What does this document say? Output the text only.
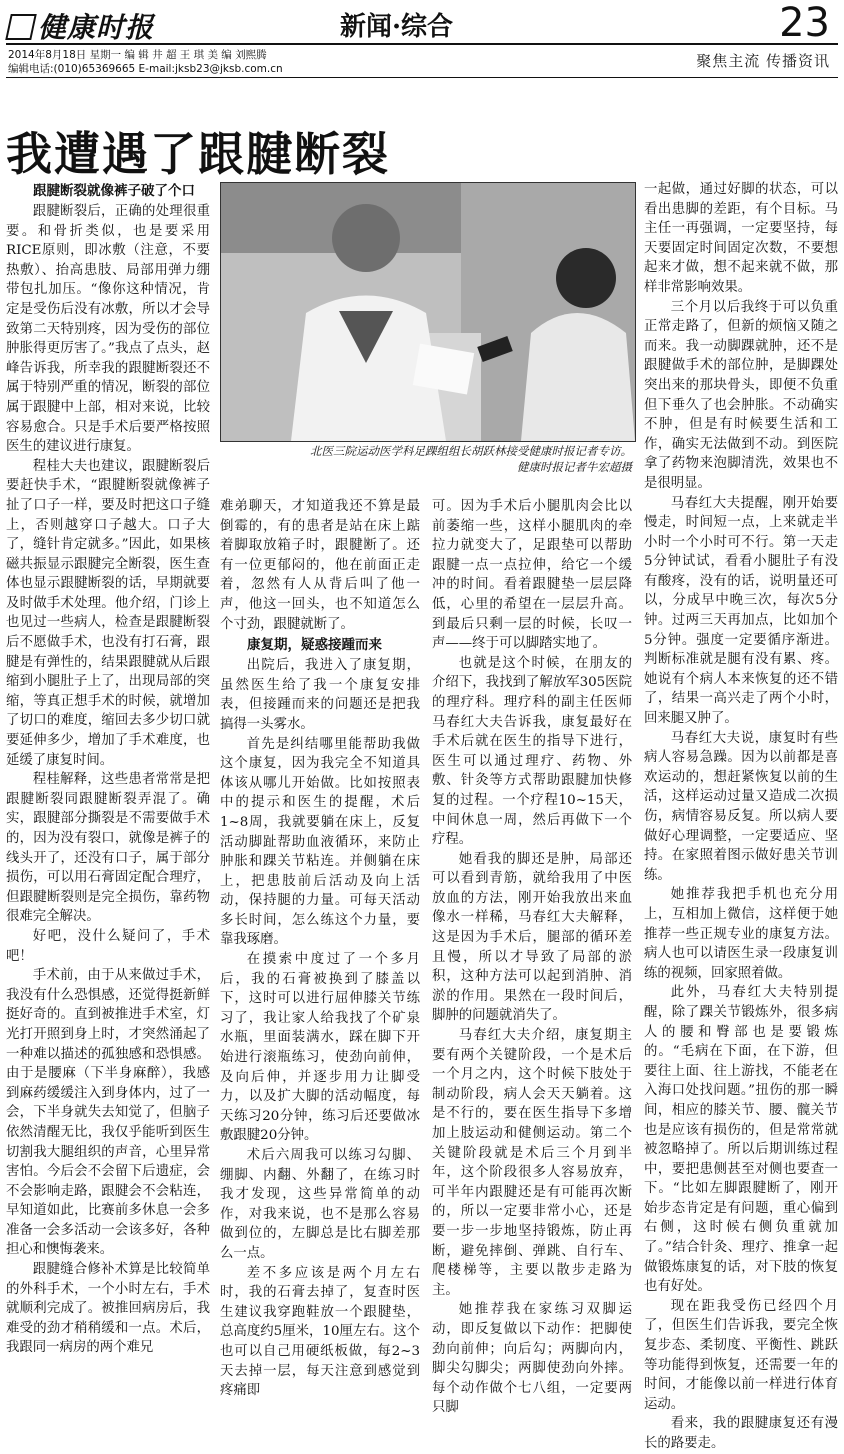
健康时报	新闻·综合	23
2014年8月18日 星期一 编 辑 井 超 王 琪 美 编 刘熙腾
编辑电话:(010)65369665 E-mail:jksb23@jksb.com.cn	聚焦主流 传播资讯
我遭遇了跟腱断裂
北医三院运动医学科足踝组组长胡跃林接受健康时报记者专访。
健康时报记者牛宏超摄

跟腱断裂就像裤子破了个口

跟腱断裂后，正确的处理很重要。和骨折类似，也是要采用RICE原则，即冰敷（注意，不要热敷）、抬高患肢、局部用弹力绷带包扎加压。“像你这种情况，肯定是受伤后没有冰敷，所以才会导致第二天特别疼，因为受伤的部位肿胀得更厉害了。”我点了点头，赵峰告诉我，所幸我的跟腱断裂还不属于特别严重的情况，断裂的部位属于跟腱中上部，相对来说，比较容易愈合。只是手术后要严格按照医生的建议进行康复。

程桂大夫也建议，跟腱断裂后要赶快手术，“跟腱断裂就像裤子扯了口子一样，要及时把这口子缝上，否则越穿口子越大。口子大了，缝针肯定就多。”因此，如果核磁共振显示跟腱完全断裂，医生查体也显示跟腱断裂的话，早期就要及时做手术处理。他介绍，门诊上也见过一些病人，检查是跟腱断裂后不愿做手术，也没有打石膏，跟腱是有弹性的，结果跟腱就从后跟缩到小腿肚子上了，出现局部的突缩，等真正想手术的时候，就增加了切口的难度，缩回去多少切口就要延伸多少，增加了手术难度，也延缓了康复时间。

程桂解释，这些患者常常是把跟腱断裂同跟腱断裂弄混了。确实，跟腱部分撕裂是不需要做手术的，因为没有裂口，就像是裤子的线头开了，还没有口子，属于部分损伤，可以用石膏固定配合理疗，但跟腱断裂则是完全损伤，靠药物很难完全解决。

好吧，没什么疑问了，手术吧！

手术前，由于从来做过手术，我没有什么恐惧感，还觉得挺新鲜挺好奇的。直到被推进手术室，灯光打开照到身上时，才突然涌起了一种难以描述的孤独感和恐惧感。由于是腰麻（下半身麻醉），我感到麻药缓缓注入到身体内，过了一会，下半身就失去知觉了，但脑子依然清醒无比，我仅乎能听到医生切割我大腿组织的声音，心里异常害怕。今后会不会留下后遗症，会不会影响走路，跟腱会不会粘连，早知道如此，比赛前多休息一会多准备一会多活动一会该多好，各种担心和懊悔袭来。

跟腱缝合修补术算是比较简单的外科手术，一个小时左右，手术就顺利完成了。被推回病房后，我难受的劲才稍稍缓和一点。术后，我跟同一病房的两个难兄

难弟聊天，才知道我还不算是最倒霉的，有的患者是站在床上踮着脚取放箱子时，跟腱断了。还有一位更郁闷的，他在前面正走着，忽然有人从背后叫了他一声，他这一回头，也不知道怎么个寸劲，跟腱就断了。

康复期，疑惑接踵而来

出院后，我进入了康复期，虽然医生给了我一个康复安排表，但接踵而来的问题还是把我搞得一头雾水。

首先是纠结哪里能帮助我做这个康复，因为我完全不知道具体该从哪儿开始做。比如按照表中的提示和医生的提醒，术后1~8周，我就要躺在床上，反复活动脚趾帮助血液循环，来防止肿胀和踝关节粘连。并侧躺在床上，把患肢前后活动及向上活动，保持腿的力量。可每天活动多长时间，怎么练这个力量，要靠我琢磨。

在摸索中度过了一个多月后，我的石膏被换到了膝盖以下，这时可以进行屈伸膝关节练习了，我让家人给我找了个矿泉水瓶，里面装满水，踩在脚下开始进行滚瓶练习，使劲向前伸，及向后伸，并逐步用力让脚受力，以及扩大脚的活动幅度，每天练习20分钟，练习后还要做冰敷跟腱20分钟。

术后六周我可以练习勾脚、绷脚、内翻、外翻了，在练习时我才发现，这些异常简单的动作，对我来说，也不是那么容易做到位的，左脚总是比右脚差那么一点。

差不多应该是两个月左右时，我的石膏去掉了，复查时医生建议我穿跑鞋放一个跟腱垫，总高度约5厘米，10厘左右。这个也可以自己用硬纸板做，每2~3天去掉一层，每天注意到感觉到疼痛即

可。因为手术后小腿肌肉会比以前萎缩一些，这样小腿肌肉的牵拉力就变大了，足跟垫可以帮助跟腱一点一点拉伸，给它一个缓冲的时间。看着跟腱垫一层层降低，心里的希望在一层层升高。到最后只剩一层的时候，长叹一声——终于可以脚踏实地了。

也就是这个时候，在朋友的介绍下，我找到了解放军305医院的理疗科。理疗科的副主任医师马春红大夫告诉我，康复最好在手术后就在医生的指导下进行，医生可以通过理疗、药物、外敷、针灸等方式帮助跟腱加快修复的过程。一个疗程10~15天，中间休息一周，然后再做下一个疗程。

她看我的脚还是肿，局部还可以看到青筋，就给我用了中医放血的方法，刚开始我放出来血像水一样稀，马春红大夫解释，这是因为手术后，腿部的循环差且慢，所以才导致了局部的淤积，这种方法可以起到消肿、消淤的作用。果然在一段时间后，脚肿的问题就消失了。

马春红大夫介绍，康复期主要有两个关键阶段，一个是术后一个月之内，这个时候下肢处于制动阶段，病人会天天躺着。这是不行的，要在医生指导下多增加上肢运动和健侧运动。第二个关键阶段就是术后三个月到半年，这个阶段很多人容易放弃，可半年内跟腱还是有可能再次断的，所以一定要非常小心，还是要一步一步地坚持锻炼，防止再断，避免摔倒、弹跳、自行车、爬楼梯等，主要以散步走路为主。

她推荐我在家练习双脚运动，即反复做以下动作：把脚使劲向前伸；向后勾；两脚向内，脚尖勾脚尖；两脚使劲向外摔。每个动作做个七八组，一定要两只脚

一起做，通过好脚的状态，可以看出患脚的差距，有个目标。马主任一再强调，一定要坚持，每天要固定时间固定次数，不要想起来才做，想不起来就不做，那样非常影响效果。

三个月以后我终于可以负重正常走路了，但新的烦恼又随之而来。我一动脚踝就肿，还不是跟腱做手术的部位肿，是脚踝处突出来的那块骨头，即便不负重但下垂久了也会肿胀。不动确实不肿，但是有时候要生活和工作，确实无法做到不动。到医院拿了药物来泡脚清洗，效果也不是很明显。

马春红大夫提醒，刚开始要慢走，时间短一点，上来就走半小时一个小时可不行。第一天走5分钟试试，看看小腿肚子有没有酸疼，没有的话，说明量还可以，分成早中晚三次，每次5分钟。过两三天再加点，比如加个5分钟。强度一定要循序渐进。判断标准就是腿有没有累、疼。她说有个病人本来恢复的还不错了，结果一高兴走了两个小时，回来腿又肿了。

马春红大夫说，康复时有些病人容易急躁。因为以前都是喜欢运动的，想赶紧恢复以前的生活，这样运动过量又造成二次损伤，病情容易反复。所以病人要做好心理调整，一定要适应、坚持。在家照着图示做好患关节训练。

她推荐我把手机也充分用上，互相加上微信，这样便于她推荐一些正规专业的康复方法。病人也可以请医生录一段康复训练的视频，回家照着做。

此外，马春红大夫特别提醒，除了踝关节锻炼外，很多病人的腰和臀部也是要锻炼的。“毛病在下面，在下游，但要往上面、往上游找，不能老在入海口处找问题。”扭伤的那一瞬间，相应的膝关节、腰、髋关节也是应该有损伤的，但是常常就被忽略掉了。所以后期训练过程中，要把患侧甚至对侧也要查一下。“比如左脚跟腱断了，刚开始步态肯定是有问题，重心偏到右侧，这时候右侧负重就加了。”结合针灸、理疗、推拿一起做锻炼康复的话，对下肢的恢复也有好处。

现在距我受伤已经四个月了，但医生们告诉我，要完全恢复步态、柔韧度、平衡性、跳跃等功能得到恢复，还需要一年的时间，才能像以前一样进行体育运动。

看来，我的跟腱康复还有漫长的路要走。
